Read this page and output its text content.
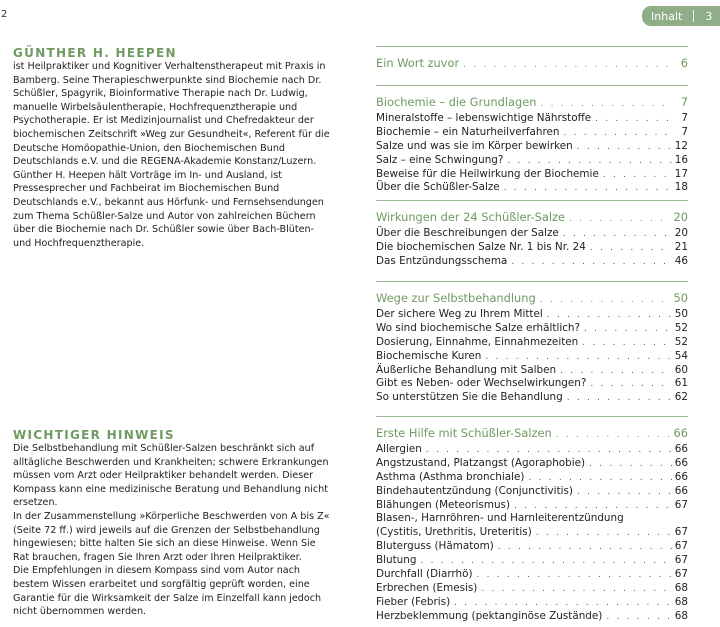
2	Inhalt	3
GÜNTHER H. HEEPEN

ist Heilpraktiker und Kognitiver Verhaltenstherapeut mit Praxis in Bamberg. Seine Therapieschwerpunkte sind Biochemie nach Dr. Schüßler, Spagyrik, Bioinformative Therapie nach Dr. Ludwig, manuelle Wirbelsäulentherapie, Hochfrequenztherapie und Psychotherapie. Er ist Medizinjournalist und Chefredakteur der biochemischen Zeitschrift »Weg zur Gesundheit«, Referent für die Deutsche Homöopathie-Union, den Biochemischen Bund Deutschlands e.V. und die REGENA-Akademie Konstanz/Luzern. Günther H. Heepen hält Vorträge im In- und Ausland, ist Pressesprecher und Fachbeirat im Biochemischen Bund Deutschlands e.V., bekannt aus Hörfunk- und Fernsehsendungen zum Thema Schüßler-Salze und Autor von zahlreichen Büchern über die Biochemie nach Dr. Schüßler sowie über Bach-Blüten- und Hochfrequenztherapie.

WICHTIGER HINWEIS

Die Selbstbehandlung mit Schüßler-Salzen beschränkt sich auf alltägliche Beschwerden und Krankheiten; schwere Erkrankungen müssen vom Arzt oder Heilpraktiker behandelt werden. Dieser Kompass kann eine medizinische Beratung und Behandlung nicht ersetzen.

In der Zusammenstellung »Körperliche Beschwerden von A bis Z« (Seite 72 ff.) wird jeweils auf die Grenzen der Selbstbehandlung hingewiesen; bitte halten Sie sich an diese Hinweise. Wenn Sie Rat brauchen, fragen Sie Ihren Arzt oder Ihren Heilpraktiker.

Die Empfehlungen in diesem Kompass sind vom Autor nach bestem Wissen erarbeitet und sorgfältig geprüft worden, eine Garantie für die Wirksamkeit der Salze im Einzelfall kann jedoch nicht übernommen werden.

Ein Wort zuvor . . .	6
Biochemie – die Grundlagen . . .	7
Mineralstoffe – lebenswichtige Nährstoffe . . .	7
Biochemie – ein Naturheilverfahren . . .	7
Salze und was sie im Körper bewirken . . .	12
Salz – eine Schwingung? . . .	16
Beweise für die Heilwirkung der Biochemie . . .	17
Über die Schüßler-Salze . . .	18
Wirkungen der 24 Schüßler-Salze . . .	20
Über die Beschreibungen der Salze . . .	20
Die biochemischen Salze Nr. 1 bis Nr. 24 . . .	21
Das Entzündungsschema . . .	46
Wege zur Selbstbehandlung . . .	50
Der sichere Weg zu Ihrem Mittel . . .	50
Wo sind biochemische Salze erhältlich? . . .	52
Dosierung, Einnahme, Einnahmezeiten . . .	52
Biochemische Kuren . . .	54
Äußerliche Behandlung mit Salben . . .	60
Gibt es Neben- oder Wechselwirkungen? . . .	61
So unterstützen Sie die Behandlung . . .	62
Erste Hilfe mit Schüßler-Salzen . . .	66
Allergien . . .	66
Angstzustand, Platzangst (Agoraphobie) . . .	66
Asthma (Asthma bronchiale) . . .	66
Bindehautentzündung (Conjunctivitis) . . .	66
Blähungen (Meteorismus) . . .	67
Blasen-, Harnröhren- und Harnleiterentzündung
(Cystitis, Urethritis, Ureteritis) . . .	67
Bluterguss (Hämatom) . . .	67
Blutung . . .	67
Durchfall (Diarrhö) . . .	67
Erbrechen (Emesis) . . .	68
Fieber (Febris) . . .	68
Herzbeklemmung (pektanginöse Zustände) . . .	68
